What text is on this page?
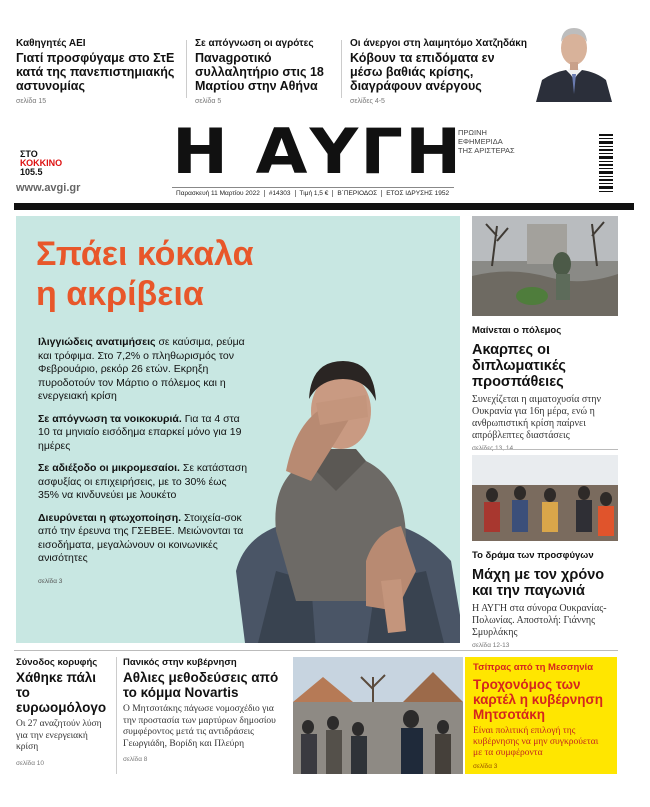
Καθηγητές ΑΕΙ
Γιατί προσφύγαμε στο ΣτΕ κατά της πανεπιστημιακής αστυνομίας
σελίδα 15
Σε απόγνωση οι αγρότες
Πανagροτικό συλλαλητήριο στις 18 Μαρτίου στην Αθήνα
σελίδα 5
Οι άνεργοι στη λαιμητόμο Χατζηδάκη
Κόβουν τα επιδόματα εν μέσω βαθιάς κρίσης, διαγράφουν ανέργους
σελίδες 4-5
ΣΤΟ
ΚΟΚΚΙΝΟ
105.5
www.avgi.gr Η ΑΥΓΗ
ΠΡΩΙΝΗ
ΕΦΗΜΕΡΙΔΑ
ΤΗΣ ΑΡΙΣΤΕΡΑΣ
Παρασκευή 11 Μαρτίου 2022	#14303	Τιμή 1,5 €	Β΄ΠΕΡΙΟΔΟΣ	ΕΤΟΣ ΙΔΡΥΣΗΣ 1952
Σπάει κόκαλα
η ακρίβεια

Ιλιγγιώδεις ανατιμήσεις σε καύσιμα, ρεύμα και τρόφιμα. Στο 7,2% ο πληθωρισμός τον Φεβρουάριο, ρεκόρ 26 ετών. Εκρηξη πυροδοτούν τον Μάρτιο ο πόλεμος και η ενεργειακή κρίση

Σε απόγνωση τα νοικοκυριά. Για τα 4 στα 10 τα μηνιαίο εισόδημα επαρκεί μόνο για 19 ημέρες

Σε αδιέξοδο οι μικρομεσαίοι. Σε κατάσταση ασφυξίας οι επιχειρήσεις, με το 30% έως 35% να κινδυνεύει με λουκέτο

Διευρύνεται η φτωχοποίηση. Στοιχεία-σοκ από την έρευνα της ΓΣΕΒΕΕ. Μειώνονται τα εισοδήματα, μεγαλώνουν οι κοινωνικές ανισότητες

σελίδα 3
Μαίνεται ο πόλεμος
Ακαρπες οι διπλωματικές προσπάθειες
Συνεχίζεται η αιματοχυσία στην Ουκρανία για 16η μέρα, ενώ η ανθρωπιστική κρίση παίρνει απρόβλεπτες διαστάσεις
Το δράμα των προσφύγων
Μάχη με τον χρόνο και την παγωνιά
Η ΑΥΓΗ στα σύνορα Ουκρανίας-Πολωνίας. Αποστολή: Γιάννης Σμυρλάκης
σελίδα 12-13
Σύνοδος κορυφής
Χάθηκε πάλι το ευρωομόλογο
Οι 27 αναζητούν λύση για την ενεργειακή κρίση
σελίδα 10
Πανικός στην κυβέρνηση
Αθλιες μεθοδεύσεις από το κόμμα Novartis
Ο Μητσοτάκης πάγωσε νομοσχέδιο για την προστασία των μαρτύρων δημοσίου συμφέροντος μετά τις αντιδράσεις Γεωργιάδη, Βορίδη και Πλεύρη
σελίδα 8
Τσίπρας από τη Μεσσηνία
Τροχονόμος των καρτέλ η κυβέρνηση Μητσοτάκη
Είναι πολιτική επιλογή της κυβέρνησης να μην συγκρούεται με τα συμφέροντα
σελίδα 3
